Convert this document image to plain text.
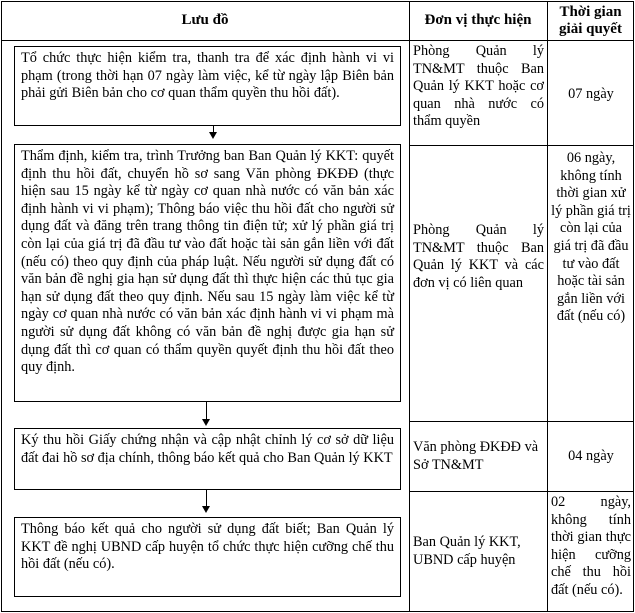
Lưu đồ	Đơn vị thực hiện	Thời gian
giải quyết
Tổ chức thực hiện kiểm tra, thanh tra để xác định hành vi vi phạm (trong thời hạn 07 ngày làm việc, kể từ ngày lập Biên bản phải gửi Biên bản cho cơ quan thẩm quyền thu hồi đất).
Thẩm định, kiểm tra, trình Trưởng ban Ban Quản lý KKT: quyết định thu hồi đất, chuyển hồ sơ sang Văn phòng ĐKĐĐ (thực hiện sau 15 ngày kể từ ngày cơ quan nhà nước có văn bản xác định hành vi vi phạm); Thông báo việc thu hồi đất cho người sử dụng đất và đăng trên trang thông tin điện tử; xử lý phần giá trị còn lại của giá trị đã đầu tư vào đất hoặc tài sản gắn liền với đất (nếu có) theo quy định của pháp luật. Nếu người sử dụng đất có văn bản đề nghị gia hạn sử dụng đất thì thực hiện các thủ tục gia hạn sử dụng đất theo quy định. Nếu sau 15 ngày làm việc kể từ ngày cơ quan nhà nước có văn bản xác định hành vi vi phạm mà người sử dụng đất không có văn bản đề nghị được gia hạn sử dụng đất thì cơ quan có thẩm quyền quyết định thu hồi đất theo quy định.
Ký thu hồi Giấy chứng nhận và cập nhật chỉnh lý cơ sở dữ liệu đất đai hồ sơ địa chính, thông báo kết quả cho Ban Quản lý KKT
Thông báo kết quả cho người sử dụng đất biết; Ban Quản lý KKT đề nghị UBND cấp huyện tổ chức thực hiện cưỡng chế thu hồi đất (nếu có).
Phòng Quản lý TN&MT thuộc Ban Quản lý KKT hoặc cơ quan nhà nước có thẩm quyền
Phòng Quản lý TN&MT thuộc Ban Quản lý KKT và các đơn vị có liên quan
Văn phòng ĐKĐĐ và Sở TN&MT
Ban Quản lý KKT, UBND cấp huyện
07 ngày
06 ngày, không tính thời gian xử lý phần giá trị còn lại của giá trị đã đầu tư vào đất hoặc tài sản gắn liền với đất (nếu có)
04 ngày
02 ngày, không tính thời gian thực hiện cưỡng chế thu hồi đất (nếu có).
